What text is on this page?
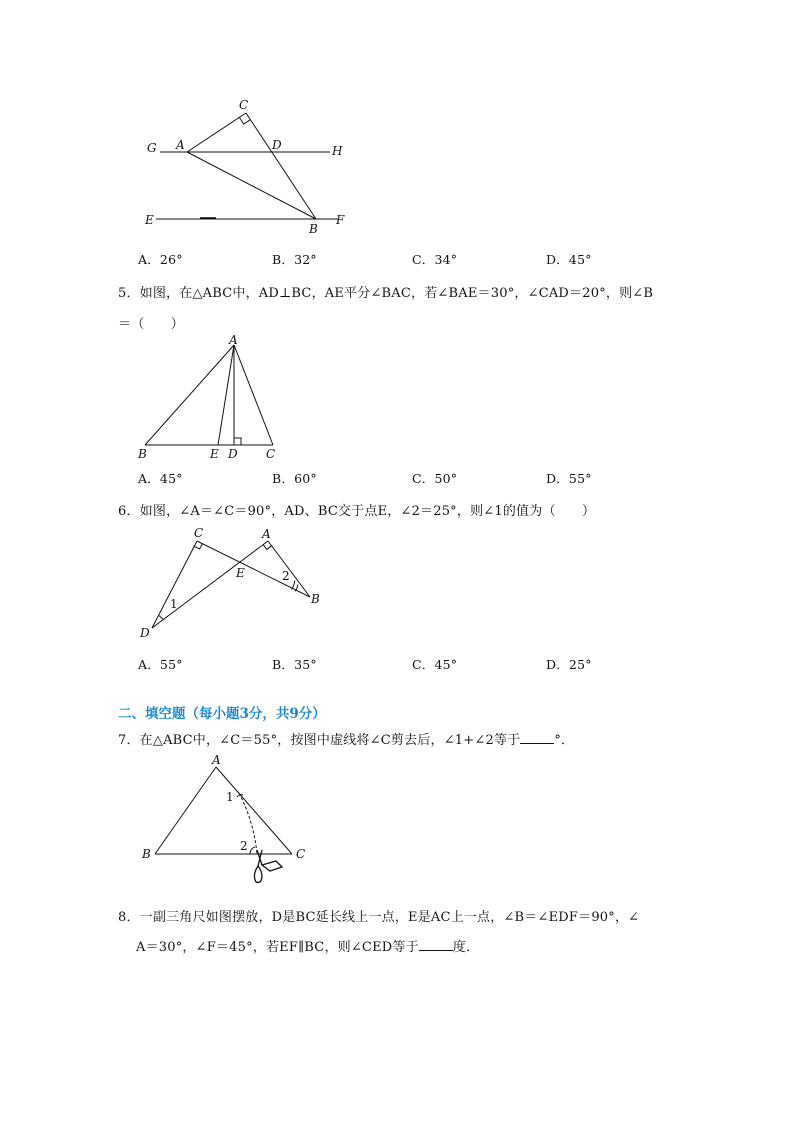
C
G A	D	H
E
B
F
A．26°	B．32°	C．34°	D．45°
5．如图，在△ABC中，AD⊥BC，AE平分∠BAC，若∠BAE＝30°，∠CAD＝20°，则∠B
＝（　　）
A
B	E D C
A．45°	B．60°	C．50°	D．55°
6．如图，∠A＝∠C＝90°，AD、BC交于点E，∠2＝25°，则∠1的值为（　　）
C	A
E	2
1	B
D
A．55°	B．35°	C．45°	D．25°
二、填空题（每小题3分，共9分）
7．在△ABC中，∠C＝55°，按图中虚线将∠C剪去后，∠1+∠2等于	°．
A
1
2
B	C
8．一副三角尺如图摆放，D是BC延长线上一点，E是AC上一点，∠B＝∠EDF＝90°，∠
A＝30°，∠F＝45°，若EF∥BC，则∠CED等于	度．
